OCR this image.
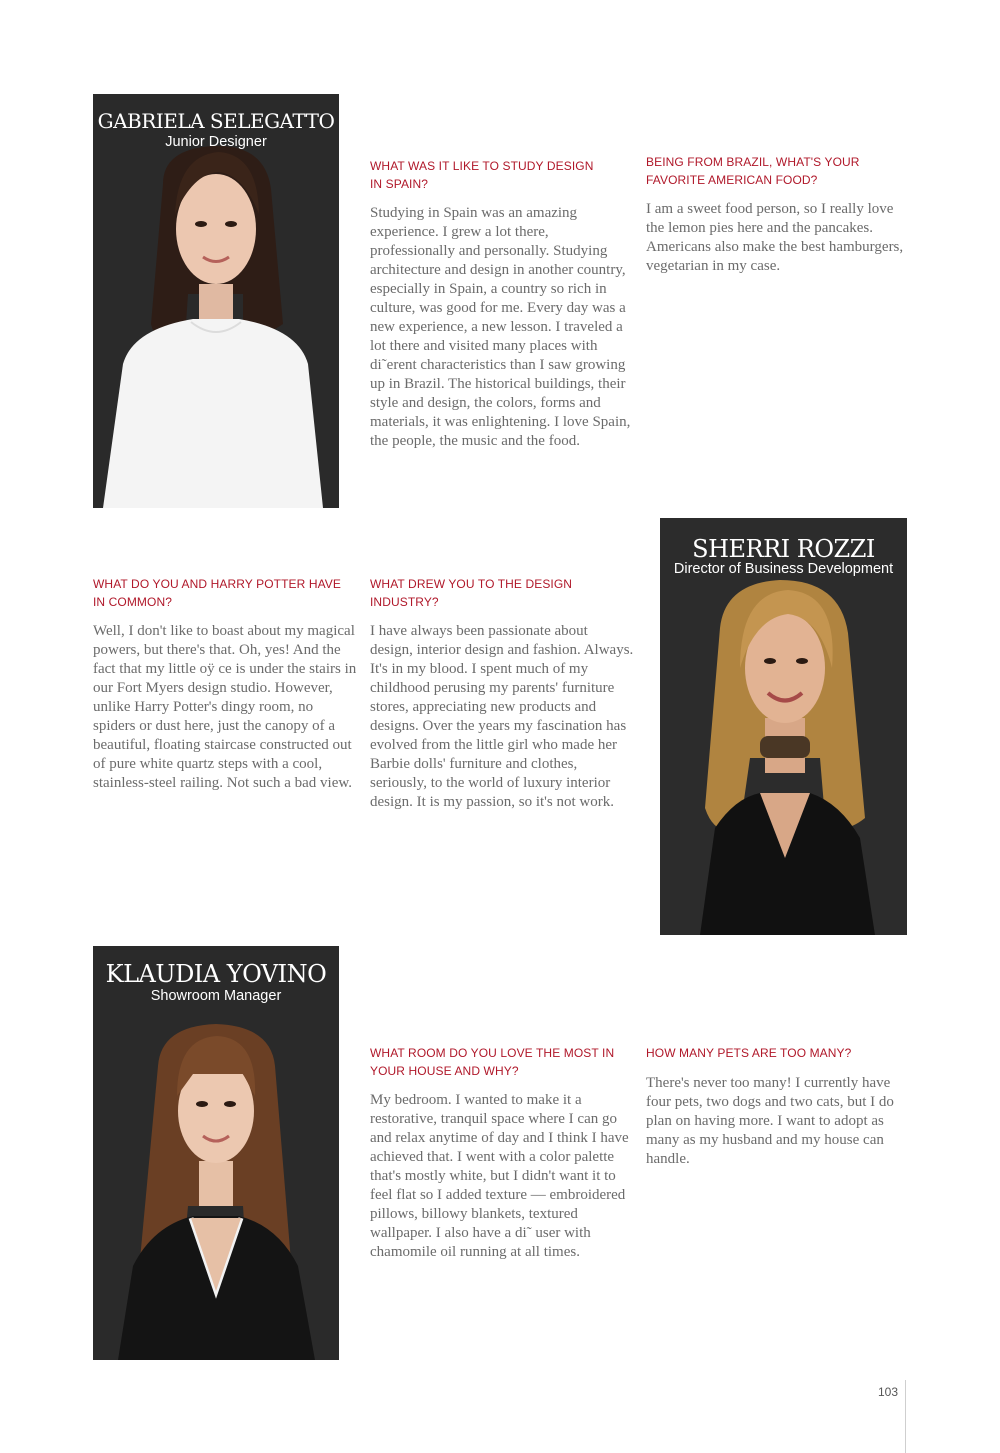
GABRIELA SELEGATTO
Junior Designer
WHAT WAS IT LIKE TO STUDY DESIGN IN SPAIN?
Studying in Spain was an amazing experience. I grew a lot there, professionally and personally. Studying architecture and design in another country, especially in Spain, a country so rich in culture, was good for me. Every day was a new experience, a new lesson. I traveled a lot there and visited many places with di˜erent characteristics than I saw growing up in Brazil. The historical buildings, their style and design, the colors, forms and materials, it was enlightening. I love Spain, the people, the music and the food.
BEING FROM BRAZIL, WHAT'S YOUR FAVORITE AMERICAN FOOD?
I am a sweet food person, so I really love the lemon pies here and the pancakes. Americans also make the best hamburgers, vegetarian in my case.
WHAT DO YOU AND HARRY POTTER HAVE IN COMMON?
Well, I don't like to boast about my magical powers, but there's that. Oh, yes! And the fact that my little oÿ ce is under the stairs in our Fort Myers design studio. However, unlike Harry Potter's dingy room, no spiders or dust here, just the canopy of a beautiful, floating staircase constructed out of pure white quartz steps with a cool, stainless-steel railing. Not such a bad view.
WHAT DREW YOU TO THE DESIGN INDUSTRY?
I have always been passionate about design, interior design and fashion. Always. It's in my blood. I spent much of my childhood perusing my parents' furniture stores, appreciating new products and designs. Over the years my fascination has evolved from the little girl who made her Barbie dolls' furniture and clothes, seriously, to the world of luxury interior design. It is my passion, so it's not work.
SHERRI ROZZI
Director of Business Development
KLAUDIA YOVINO
Showroom Manager
WHAT ROOM DO YOU LOVE THE MOST IN YOUR HOUSE AND WHY?
My bedroom. I wanted to make it a restorative, tranquil space where I can go and relax anytime of day and I think I have achieved that. I went with a color palette that's mostly white, but I didn't want it to feel flat so I added texture — embroidered pillows, billowy blankets, textured wallpaper. I also have a di˜ user with chamomile oil running at all times.
HOW MANY PETS ARE TOO MANY?
There's never too many! I currently have four pets, two dogs and two cats, but I do plan on having more. I want to adopt as many as my husband and my house can handle.
103
